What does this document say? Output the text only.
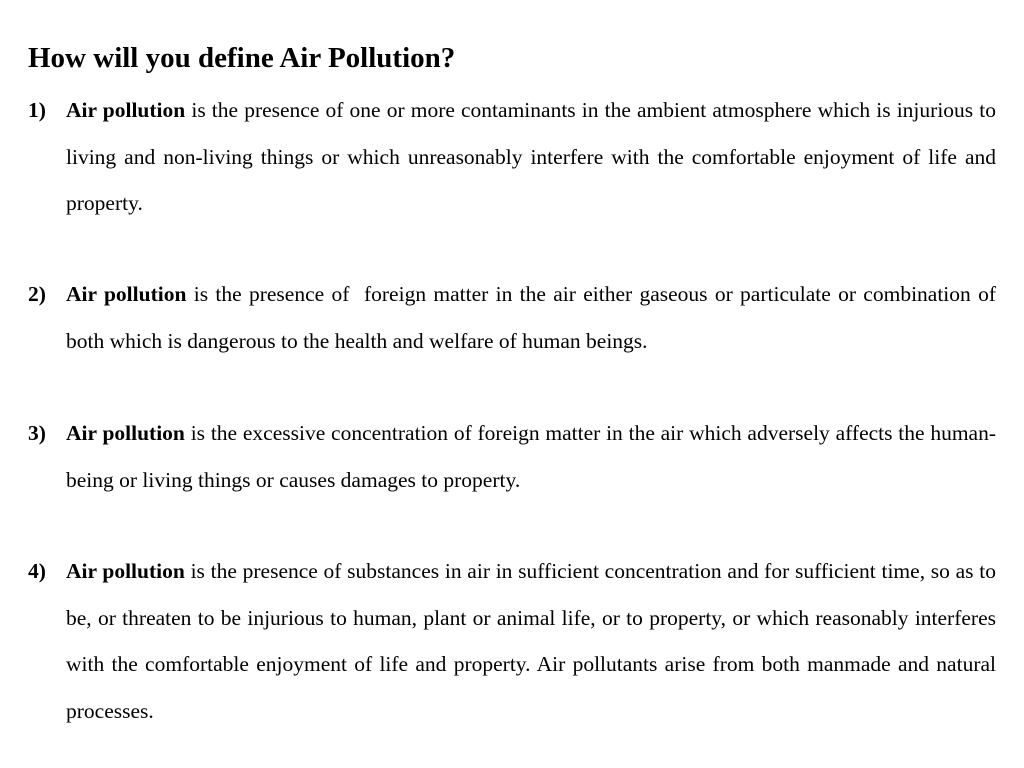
How will you define Air Pollution?
1) Air pollution is the presence of one or more contaminants in the ambient atmosphere which is injurious to living and non-living things or which unreasonably interfere with the comfortable enjoyment of life and property.

2) Air pollution is the presence of  foreign matter in the air either gaseous or particulate or combination of both which is dangerous to the health and welfare of human beings.

3) Air pollution is the excessive concentration of foreign matter in the air which adversely affects the human-being or living things or causes damages to property.

4) Air pollution is the presence of substances in air in sufficient concentration and for sufficient time, so as to be, or threaten to be injurious to human, plant or animal life, or to property, or which reasonably interferes with the comfortable enjoyment of life and property. Air pollutants arise from both manmade and natural processes.
